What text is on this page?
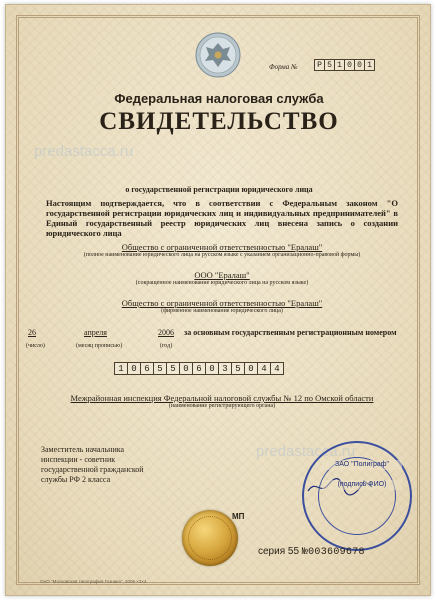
Форма №	Р 5 1 0 0 1
Федеральная налоговая служба
СВИДЕТЕЛЬСТВО
predastacca.ru
predastacca.ru
о государственной регистрации юридического лица
Настоящим подтверждается, что в соответствии с Федеральным законом "О государственной регистрации юридических лиц и индивидуальных предпринимателей" в Единый государственный реестр юридических лиц внесена запись о создании юридического лица
Общество с ограниченной ответственностью "Ералаш"
(полное наименование юридического лица на русском языке с указанием организационно-правовой формы)
ООО "Ералаш"
(сокращенное наименование юридического лица на русском языке)
Общество с ограниченной ответственностью "Ералаш"
(фирменное наименование юридического лица)
26	апреля	2006 за основным государственным регистрационным номером
(число)	(месяц прописью)	(год)
1 0 6 5 5 0 6 0 3 5 0 4 4
Межрайонная инспекция Федеральной налоговой службы № 12 по Омской области
(наименование регистрирующего органа)
Заместитель начальника
инспекции - советник
государственной гражданской
службы РФ 2 класса
ЗАО "Полиграф"
(подпись ФИО)
МП
серия 55 №003609678
ОАО "Московская типография Гознака", 2006 ×3×4
